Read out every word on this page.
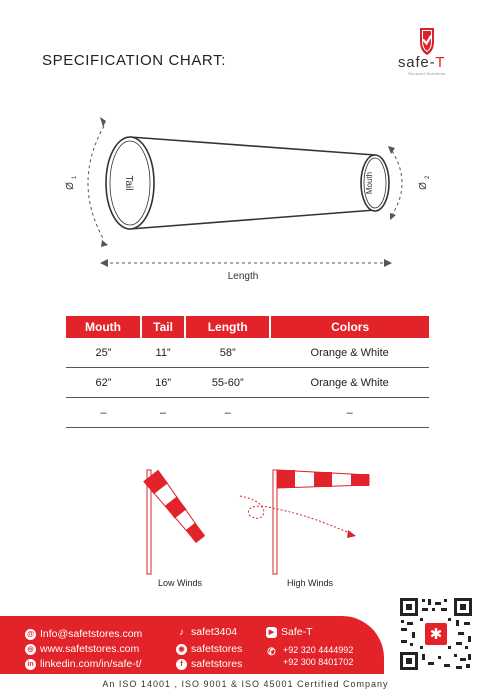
SPECIFICATION CHART:	safe-T
Secured Solutions
Tail	Mouth
Length
Ø
1
Ø
2
Mouth	Tail	Length	Colors
25”	11”	58”	Orange & White
62”	16”	55-60”	Orange & White
–	–	–	–
Low Winds	High Winds
@ Info@safetstores.com
◎ www.safetstores.com
in linkedin.com/in/safe-t/
♪ safet3404
◉ safetstores
f safetstores
▶ Safe-T
✆ +92 320 4444992
+92 300 8401702
✱
An ISO 14001 , ISO 9001 & ISO 45001 Certified Company
